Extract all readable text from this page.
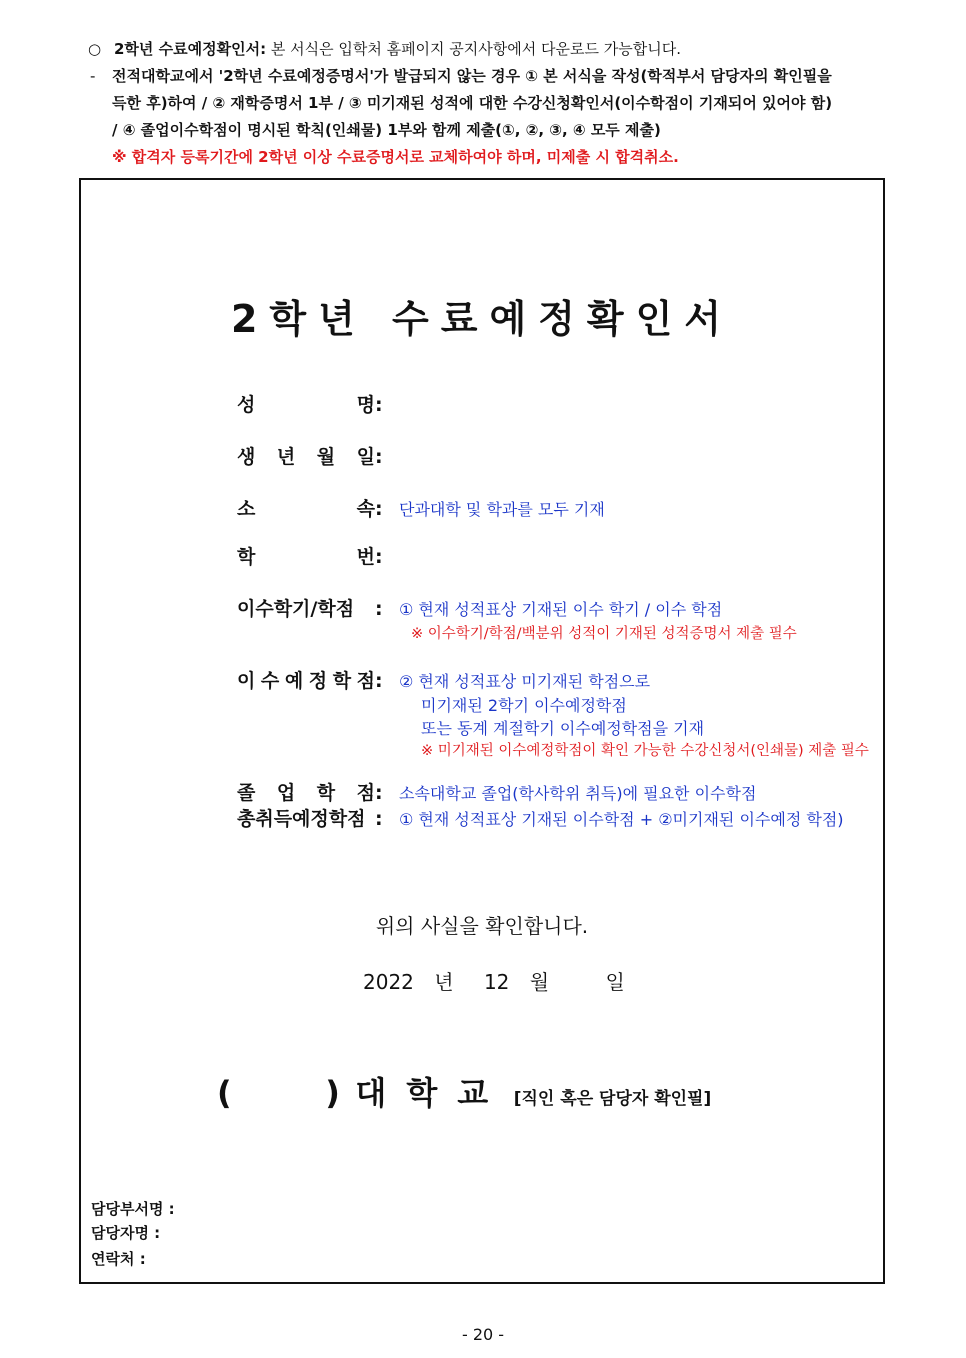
○ 2학년 수료예정확인서: 본 서식은 입학처 홈페이지 공지사항에서 다운로드 가능합니다.
- 전적대학교에서 '2학년 수료예정증명서'가 발급되지 않는 경우 ① 본 서식을 작성(학적부서 담당자의 확인필을
득한 후)하여 / ② 재학증명서 1부 / ③ 미기재된 성적에 대한 수강신청확인서(이수학점이 기재되어 있어야 함)
/ ④ 졸업이수학점이 명시된 학칙(인쇄물) 1부와 함께 제출(①, ②, ③, ④ 모두 제출)
※ 합격자 등록기간에 2학년 이상 수료증명서로 교체하여야 하며, 미제출 시 합격취소.
2학년 수료예정확인서
성	명 :
생 년 월 일 :
소	속 : 단과대학 및 학과를 모두 기재
학	번 :
이수학기/학점 : ① 현재 성적표상 기재된 이수 학기 / 이수 학점
※ 이수학기/학점/백분위 성적이 기재된 성적증명서 제출 필수
이 수 예 정 학 점 : ② 현재 성적표상 미기재된 학점으로
미기재된 2학기 이수예정학점
또는 동계 계절학기 이수예정학점을 기재
※ 미기재된 이수예정학점이 확인 가능한 수강신청서(인쇄물) 제출 필수
졸 업 학 점 : 소속대학교 졸업(학사학위 취득)에 필요한 이수학점
총취득예정학점 : ① 현재 성적표상 기재된 이수학점 + ②미기재된 이수예정 학점)
위의 사실을 확인합니다.
2022 년 12 월	일
(	) 대학교 [직인 혹은 담당자 확인필]
담당부서명 :
담당자명 :
연락처 :
- 20 -
